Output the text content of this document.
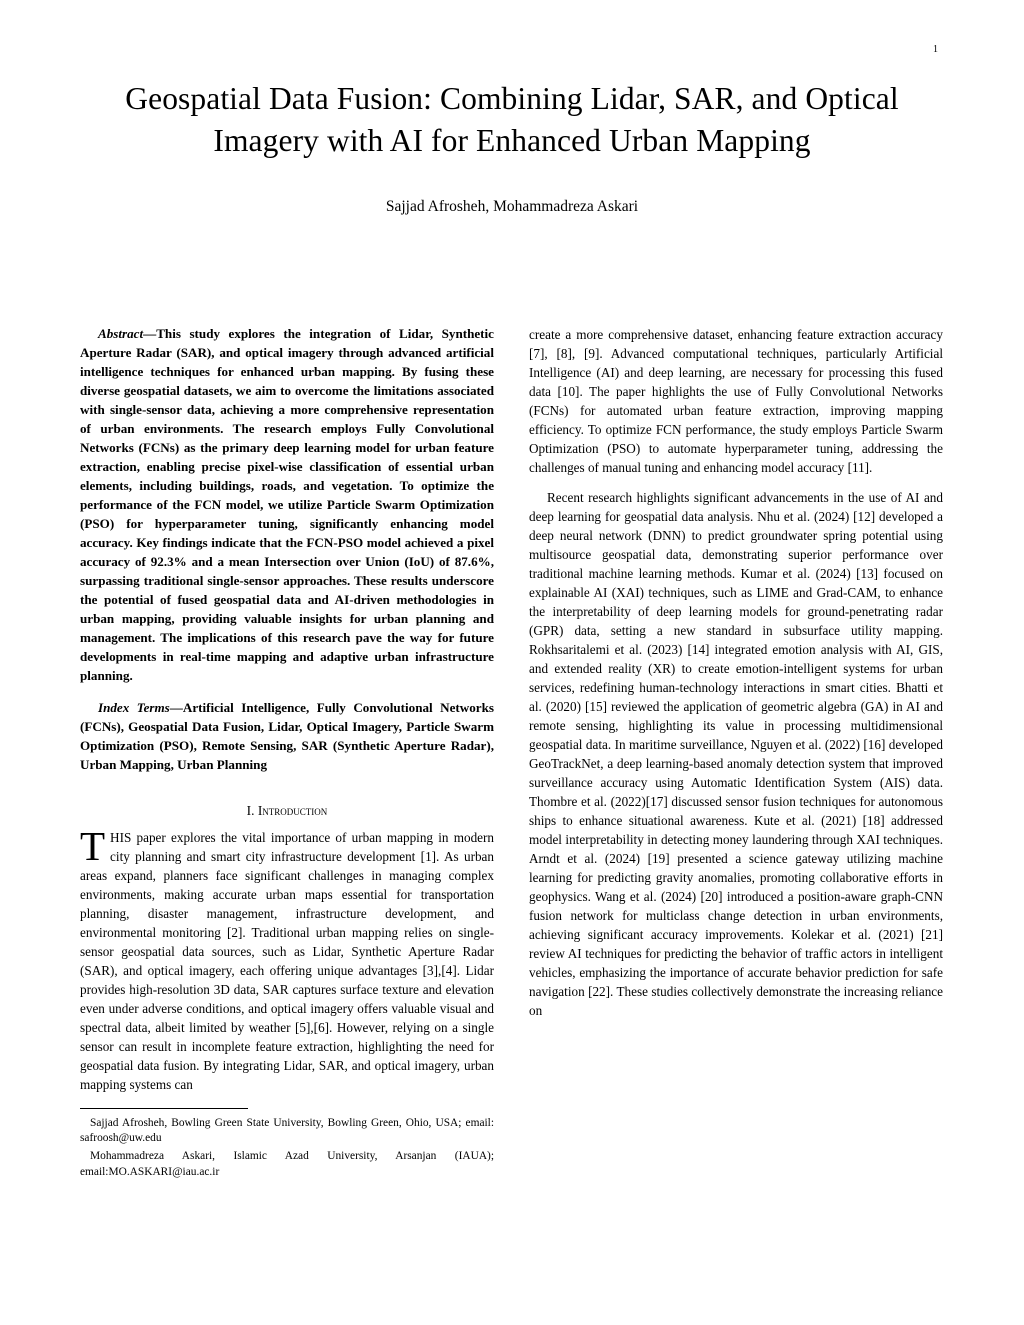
1
Geospatial Data Fusion: Combining Lidar, SAR, and Optical Imagery with AI for Enhanced Urban Mapping
Sajjad Afrosheh, Mohammadreza Askari

Abstract—This study explores the integration of Lidar, Synthetic Aperture Radar (SAR), and optical imagery through advanced artificial intelligence techniques for enhanced urban mapping. By fusing these diverse geospatial datasets, we aim to overcome the limitations associated with single-sensor data, achieving a more comprehensive representation of urban environments. The research employs Fully Convolutional Networks (FCNs) as the primary deep learning model for urban feature extraction, enabling precise pixel-wise classification of essential urban elements, including buildings, roads, and vegetation. To optimize the performance of the FCN model, we utilize Particle Swarm Optimization (PSO) for hyperparameter tuning, significantly enhancing model accuracy. Key findings indicate that the FCN-PSO model achieved a pixel accuracy of 92.3% and a mean Intersection over Union (IoU) of 87.6%, surpassing traditional single-sensor approaches. These results underscore the potential of fused geospatial data and AI-driven methodologies in urban mapping, providing valuable insights for urban planning and management. The implications of this research pave the way for future developments in real-time mapping and adaptive urban infrastructure planning.

Index Terms—Artificial Intelligence, Fully Convolutional Networks (FCNs), Geospatial Data Fusion, Lidar, Optical Imagery, Particle Swarm Optimization (PSO), Remote Sensing, SAR (Synthetic Aperture Radar), Urban Mapping, Urban Planning

I. Introduction

THIS paper explores the vital importance of urban mapping in modern city planning and smart city infrastructure development [1]. As urban areas expand, planners face significant challenges in managing complex environments, making accurate urban maps essential for transportation planning, disaster management, infrastructure development, and environmental monitoring [2]. Traditional urban mapping relies on single-sensor geospatial data sources, such as Lidar, Synthetic Aperture Radar (SAR), and optical imagery, each offering unique advantages [3],[4]. Lidar provides high-resolution 3D data, SAR captures surface texture and elevation even under adverse conditions, and optical imagery offers valuable visual and spectral data, albeit limited by weather [5],[6]. However, relying on a single sensor can result in incomplete feature extraction, highlighting the need for geospatial data fusion. By integrating Lidar, SAR, and optical imagery, urban mapping systems can

Sajjad Afrosheh, Bowling Green State University, Bowling Green, Ohio, USA; email: safroosh@uw.edu

Mohammadreza Askari, Islamic Azad University, Arsanjan (IAUA); email:MO.ASKARI@iau.ac.ir

create a more comprehensive dataset, enhancing feature extraction accuracy [7], [8], [9]. Advanced computational techniques, particularly Artificial Intelligence (AI) and deep learning, are necessary for processing this fused data [10]. The paper highlights the use of Fully Convolutional Networks (FCNs) for automated urban feature extraction, improving mapping efficiency. To optimize FCN performance, the study employs Particle Swarm Optimization (PSO) to automate hyperparameter tuning, addressing the challenges of manual tuning and enhancing model accuracy [11].

Recent research highlights significant advancements in the use of AI and deep learning for geospatial data analysis. Nhu et al. (2024) [12] developed a deep neural network (DNN) to predict groundwater spring potential using multisource geospatial data, demonstrating superior performance over traditional machine learning methods. Kumar et al. (2024) [13] focused on explainable AI (XAI) techniques, such as LIME and Grad-CAM, to enhance the interpretability of deep learning models for ground-penetrating radar (GPR) data, setting a new standard in subsurface utility mapping. Rokhsaritalemi et al. (2023) [14] integrated emotion analysis with AI, GIS, and extended reality (XR) to create emotion-intelligent systems for urban services, redefining human-technology interactions in smart cities. Bhatti et al. (2020) [15] reviewed the application of geometric algebra (GA) in AI and remote sensing, highlighting its value in processing multidimensional geospatial data. In maritime surveillance, Nguyen et al. (2022) [16] developed GeoTrackNet, a deep learning-based anomaly detection system that improved surveillance accuracy using Automatic Identification System (AIS) data. Thombre et al. (2022)[17] discussed sensor fusion techniques for autonomous ships to enhance situational awareness. Kute et al. (2021) [18] addressed model interpretability in detecting money laundering through XAI techniques. Arndt et al. (2024) [19] presented a science gateway utilizing machine learning for predicting gravity anomalies, promoting collaborative efforts in geophysics. Wang et al. (2024) [20] introduced a position-aware graph-CNN fusion network for multiclass change detection in urban environments, achieving significant accuracy improvements. Kolekar et al. (2021) [21] review AI techniques for predicting the behavior of traffic actors in intelligent vehicles, emphasizing the importance of accurate behavior prediction for safe navigation [22]. These studies collectively demonstrate the increasing reliance on
